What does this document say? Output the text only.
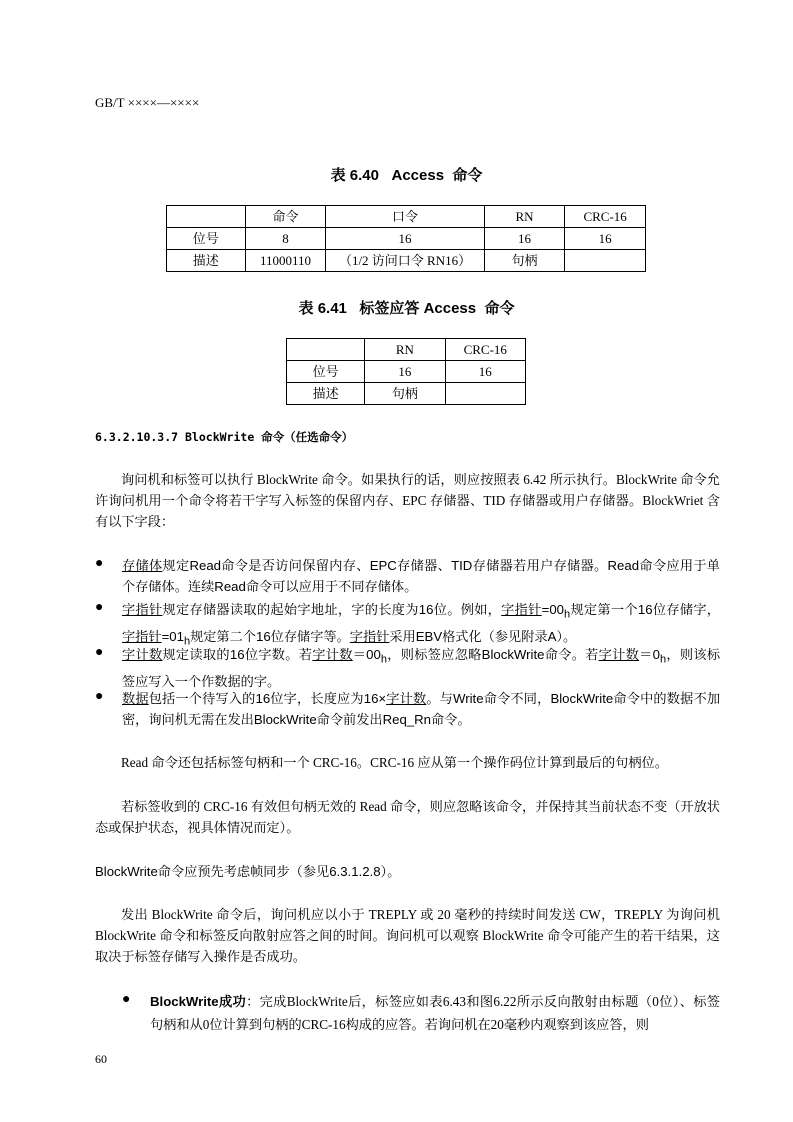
GB/T ××××—××××
表 6.40   Access  命令
	命令	口令	RN	CRC-16
位号	8	16	16	16
描述	11000110	（1/2 访问口令 RN16）	句柄	
表 6.41   标签应答 Access  命令
	RN	CRC-16
位号	16	16
描述	句柄	
6.3.2.10.3.7 BlockWrite 命令（任选命令）
询问机和标签可以执行 BlockWrite 命令。如果执行的话，则应按照表 6.42 所示执行。BlockWrite 命令允许询问机用一个命令将若干字写入标签的保留内存、EPC 存储器、TID 存储器或用户存储器。BlockWriet 含有以下字段：
●	存储体规定Read命令是否访问保留内存、EPC存储器、TID存储器若用户存储器。Read命令应用于单个存储体。连续Read命令可以应用于不同存储体。
●	字指针规定存储器读取的起始字地址，字的长度为16位。例如，字指针$=00_h$规定第一个16位存储字，字指针$=01_h$规定第二个16位存储字等。字指针采用EBV格式化（参见附录A）。
●	字计数规定读取的16位字数。若字计数$=00_h$，则标签应忽略BlockWrite命令。若字计数$=0_h$，则该标签应写入一个作数据的字。
●	数据包括一个待写入的16位字，长度应为16×字计数。与Write命令不同，BlockWrite命令中的数据不加密，询问机无需在发出BlockWrite命令前发出Req_Rn命令。
Read 命令还包括标签句柄和一个 CRC-16。CRC-16 应从第一个操作码位计算到最后的句柄位。
若标签收到的 CRC-16 有效但句柄无效的 Read 命令，则应忽略该命令，并保持其当前状态不变（开放状态或保护状态，视具体情况而定）。
BlockWrite命令应预先考虑帧同步（参见6.3.1.2.8）。
发出 BlockWrite 命令后，询问机应以小于 TREPLY 或 20 毫秒的持续时间发送 CW，TREPLY 为询问机 BlockWrite 命令和标签反向散射应答之间的时间。询问机可以观察 BlockWrite 命令可能产生的若干结果，这取决于标签存储写入操作是否成功。
● BlockWrite成功：完成BlockWrite后，标签应如表6.43和图6.22所示反向散射由标题（0位）、标签句柄和从0位计算到句柄的CRC-16构成的应答。若询问机在20毫秒内观察到该应答，则
60
